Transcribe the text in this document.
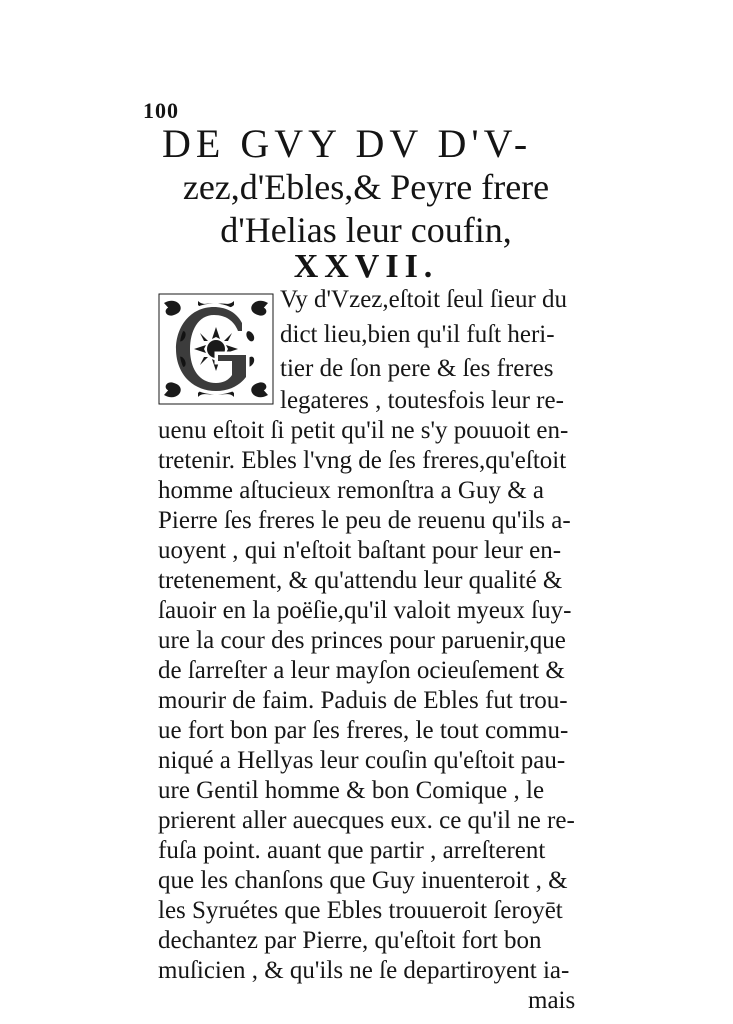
100
DE GVY DV D'V-
zez,d'Ebles,& Peyre frere
d'Helias leur coufin,
XXVII.
Vy d'Vzez,eſtoit ſeul ſieur du
dict lieu,bien qu'il fuſt heri-
tier de ſon pere & ſes freres
legateres , toutesfois leur re-
uenu eſtoit ſi petit qu'il ne s'y pouuoit en-
tretenir. Ebles l'vng de ſes freres,qu'eſtoit
homme aſtucieux remonſtra a Guy & a
Pierre ſes freres le peu de reuenu qu'ils a-
uoyent , qui n'eſtoit baſtant pour leur en-
tretenement, & qu'attendu leur qualité &
ſauoir en la poëſie,qu'il valoit myeux ſuy-
ure la cour des princes pour paruenir,que
de ſarreſter a leur mayſon ocieuſement &
mourir de faim. Paduis de Ebles fut trou-
ue fort bon par ſes freres, le tout commu-
niqué a Hellyas leur couſin qu'eſtoit pau-
ure Gentil homme & bon Comique , le
prierent aller auecques eux. ce qu'il ne re-
fuſa point. auant que partir , arreſterent
que les chanſons que Guy inuenteroit , &
les Syruétes que Ebles trouueroit ſeroyēt
dechantez par Pierre, qu'eſtoit fort bon
muſicien , & qu'ils ne ſe departiroyent ia-
mais
